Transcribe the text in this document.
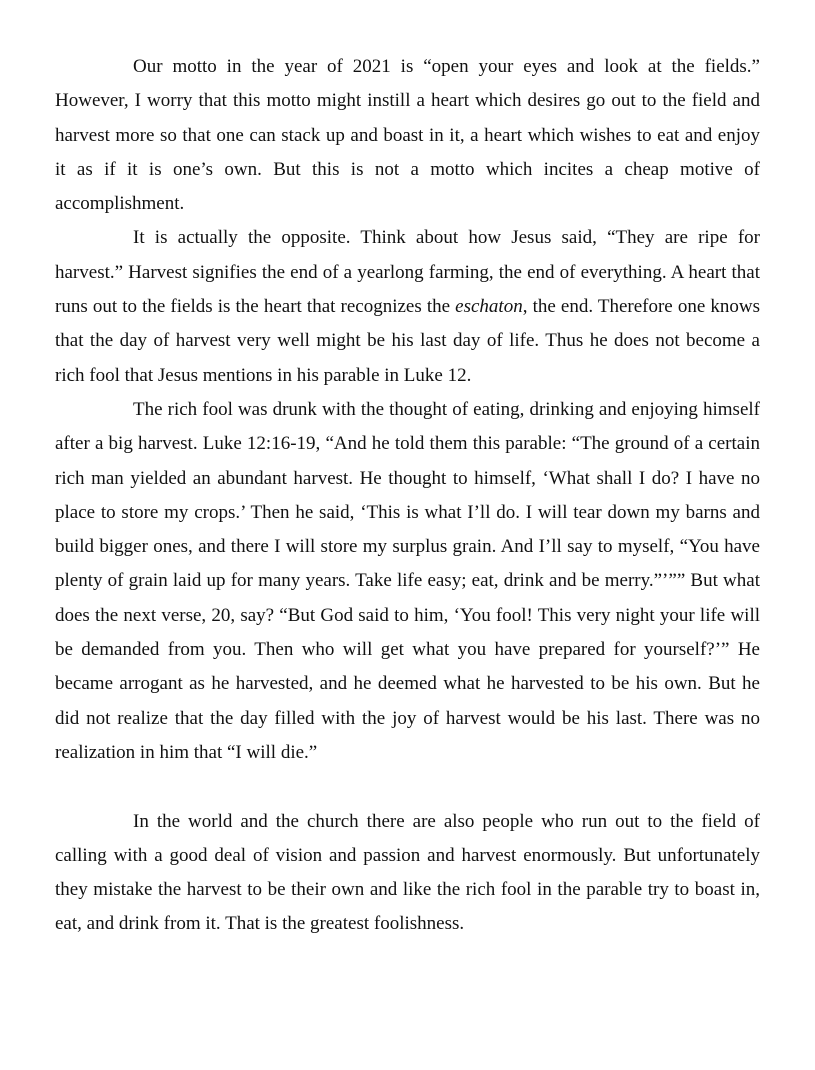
Our motto in the year of 2021 is “open your eyes and look at the fields.” However, I worry that this motto might instill a heart which desires go out to the field and harvest more so that one can stack up and boast in it, a heart which wishes to eat and enjoy it as if it is one’s own. But this is not a motto which incites a cheap motive of accomplishment.

It is actually the opposite. Think about how Jesus said, “They are ripe for harvest.” Harvest signifies the end of a yearlong farming, the end of everything. A heart that runs out to the fields is the heart that recognizes the eschaton, the end. Therefore one knows that the day of harvest very well might be his last day of life. Thus he does not become a rich fool that Jesus mentions in his parable in Luke 12.

The rich fool was drunk with the thought of eating, drinking and enjoying himself after a big harvest. Luke 12:16-19, “And he told them this parable: “The ground of a certain rich man yielded an abundant harvest. He thought to himself, ‘What shall I do? I have no place to store my crops.’ Then he said, ‘This is what I’ll do. I will tear down my barns and build bigger ones, and there I will store my surplus grain. And I’ll say to myself, “You have plenty of grain laid up for many years. Take life easy; eat, drink and be merry.”’”” But what does the next verse, 20, say? “But God said to him, ‘You fool! This very night your life will be demanded from you. Then who will get what you have prepared for yourself?’” He became arrogant as he harvested, and he deemed what he harvested to be his own. But he did not realize that the day filled with the joy of harvest would be his last. There was no realization in him that “I will die.”

In the world and the church there are also people who run out to the field of calling with a good deal of vision and passion and harvest enormously. But unfortunately they mistake the harvest to be their own and like the rich fool in the parable try to boast in, eat, and drink from it. That is the greatest foolishness.
